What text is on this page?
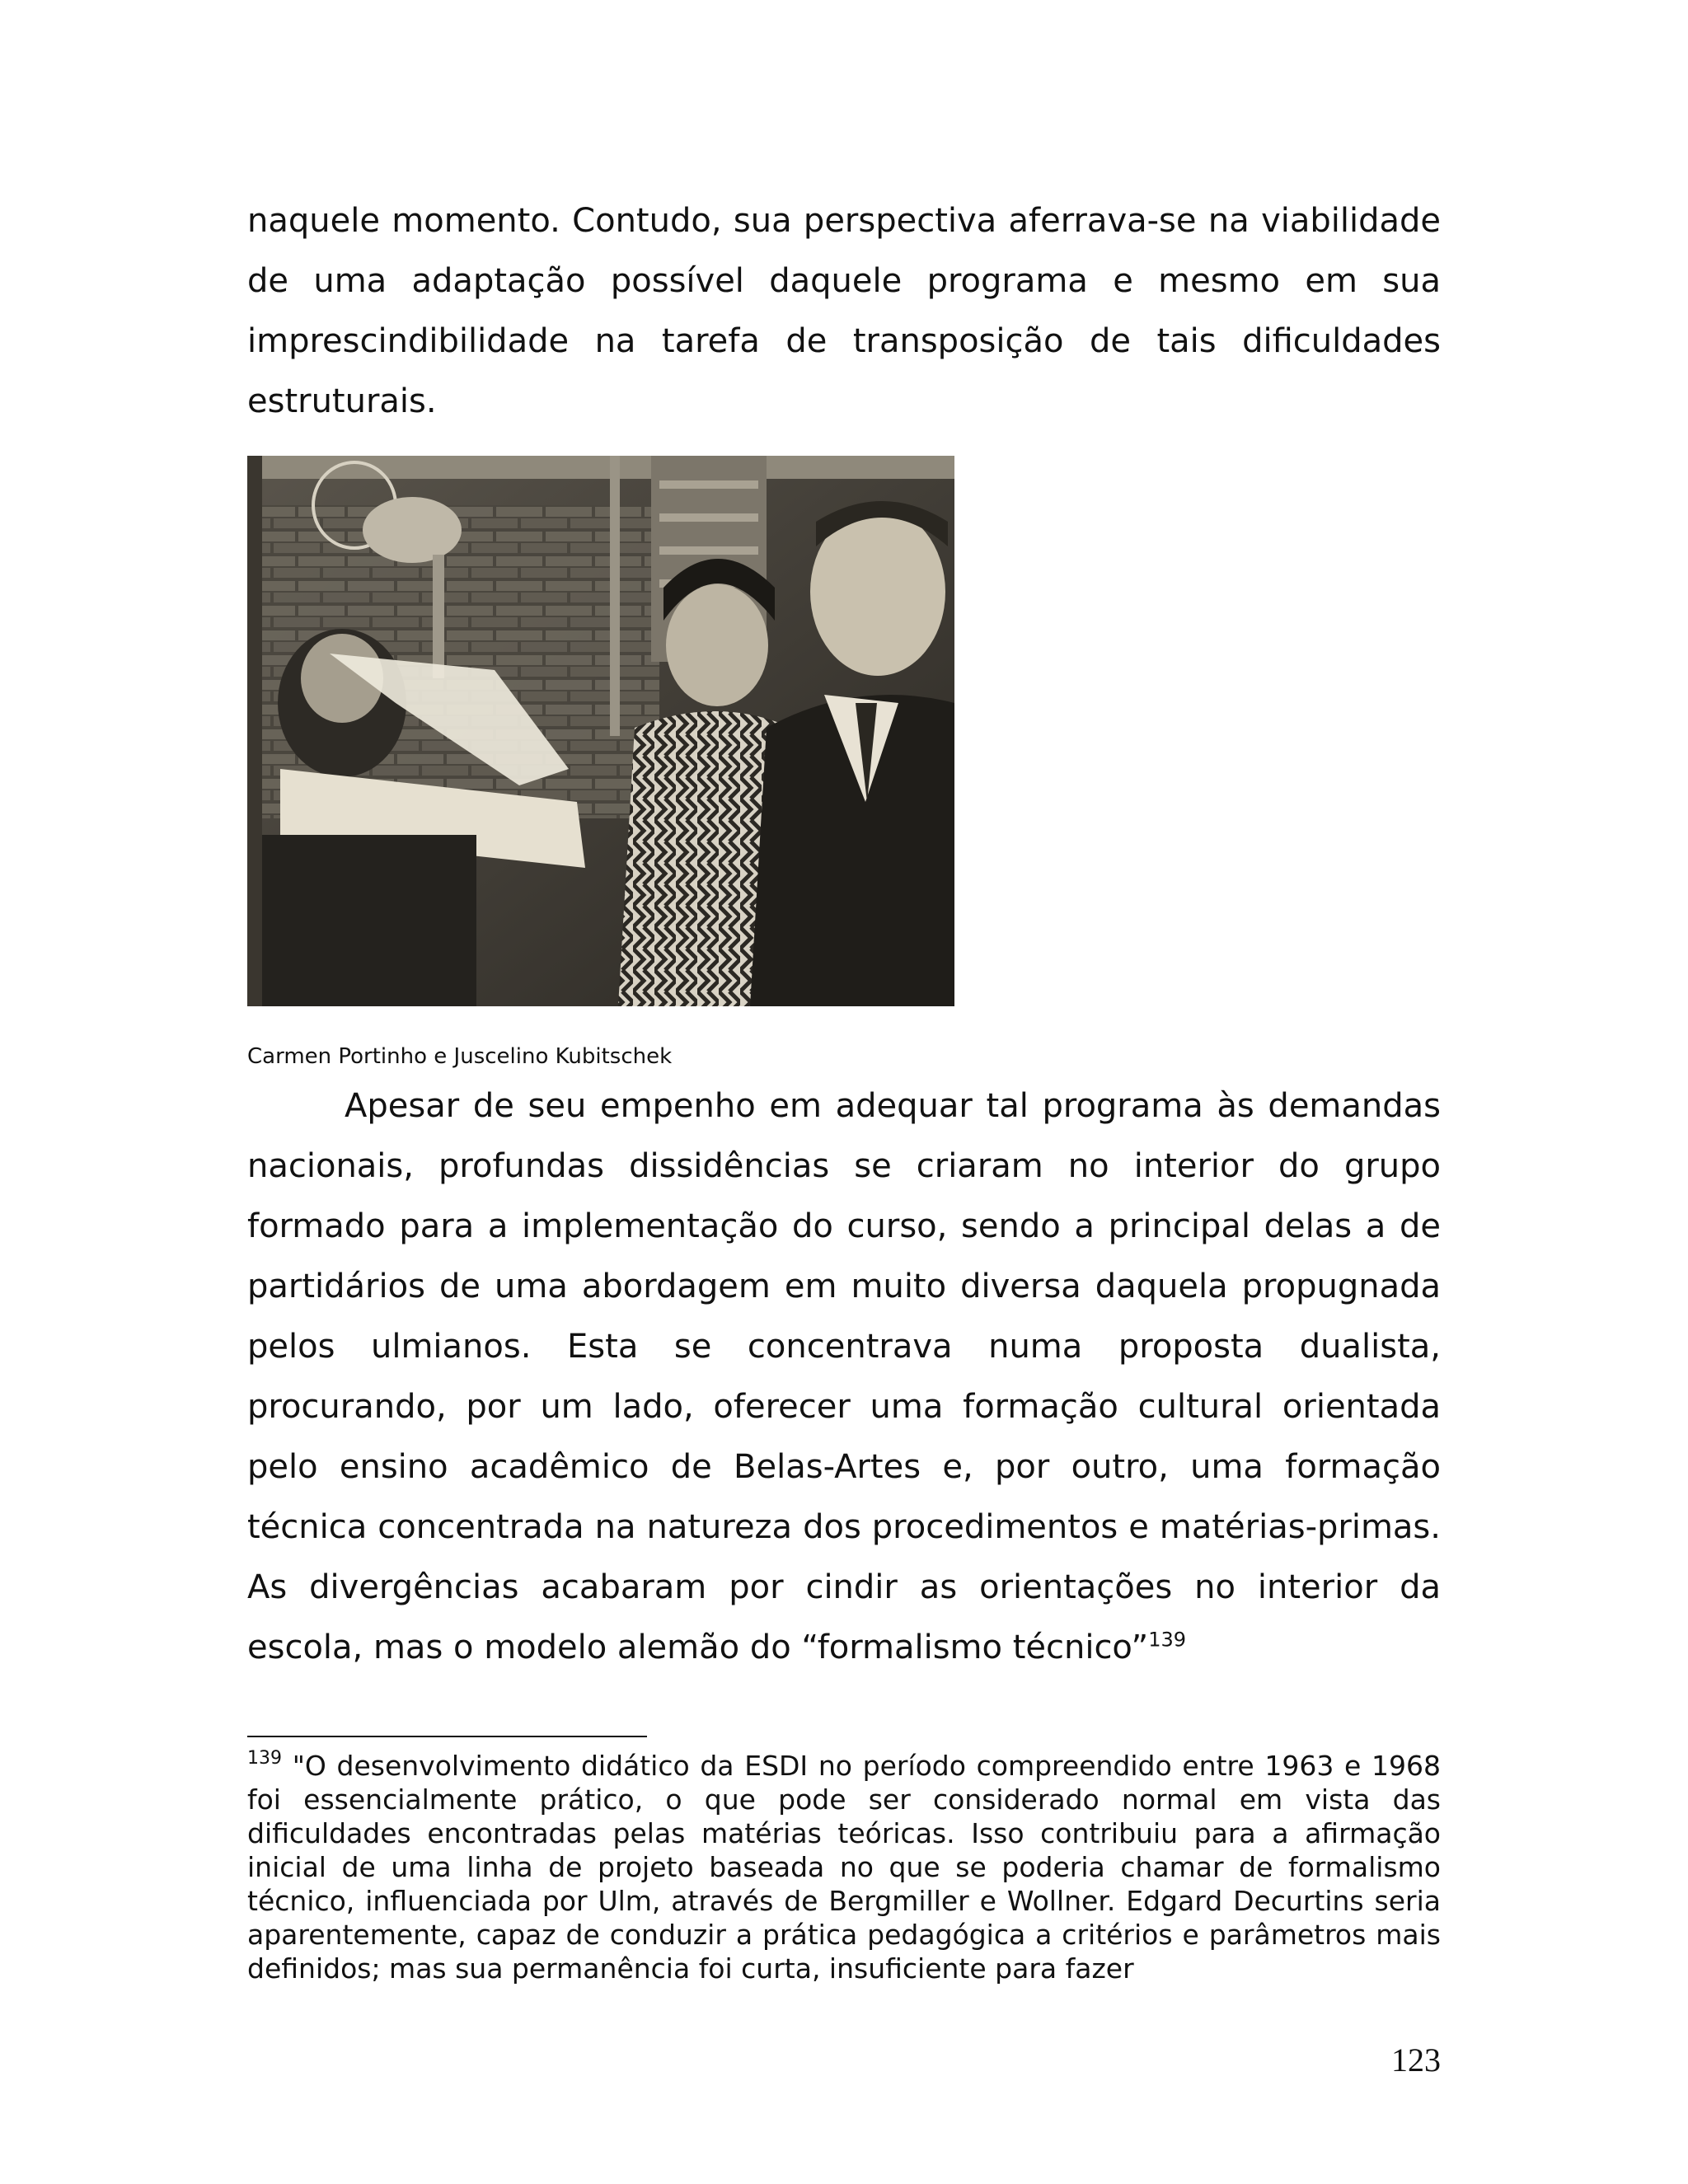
naquele momento. Contudo, sua perspectiva aferrava-se na viabilidade de uma adaptação possível daquele programa e mesmo em sua imprescindibilidade na tarefa de transposição de tais dificuldades estruturais.

Carmen Portinho e Juscelino Kubitschek

Apesar de seu empenho em adequar tal programa às demandas nacionais, profundas dissidências se criaram no interior do grupo formado para a implementação do curso, sendo a principal delas a de partidários de uma abordagem em muito diversa daquela propugnada pelos ulmianos. Esta se concentrava numa proposta dualista, procurando, por um lado, oferecer uma formação cultural orientada pelo ensino acadêmico de Belas-Artes e, por outro, uma formação técnica concentrada na natureza dos procedimentos e matérias-primas. As divergências acabaram por cindir as orientações no interior da escola, mas o modelo alemão do “formalismo técnico”$^{139}$

$^{139}$ "O desenvolvimento didático da ESDI no período compreendido entre 1963 e 1968 foi essencialmente prático, o que pode ser considerado normal em vista das dificuldades encontradas pelas matérias teóricas. Isso contribuiu para a afirmação inicial de uma linha de projeto baseada no que se poderia chamar de formalismo técnico, influenciada por Ulm, através de Bergmiller e Wollner. Edgard Decurtins seria aparentemente, capaz de conduzir a prática pedagógica a critérios e parâmetros mais definidos; mas sua permanência foi curta, insuficiente para fazer

123
